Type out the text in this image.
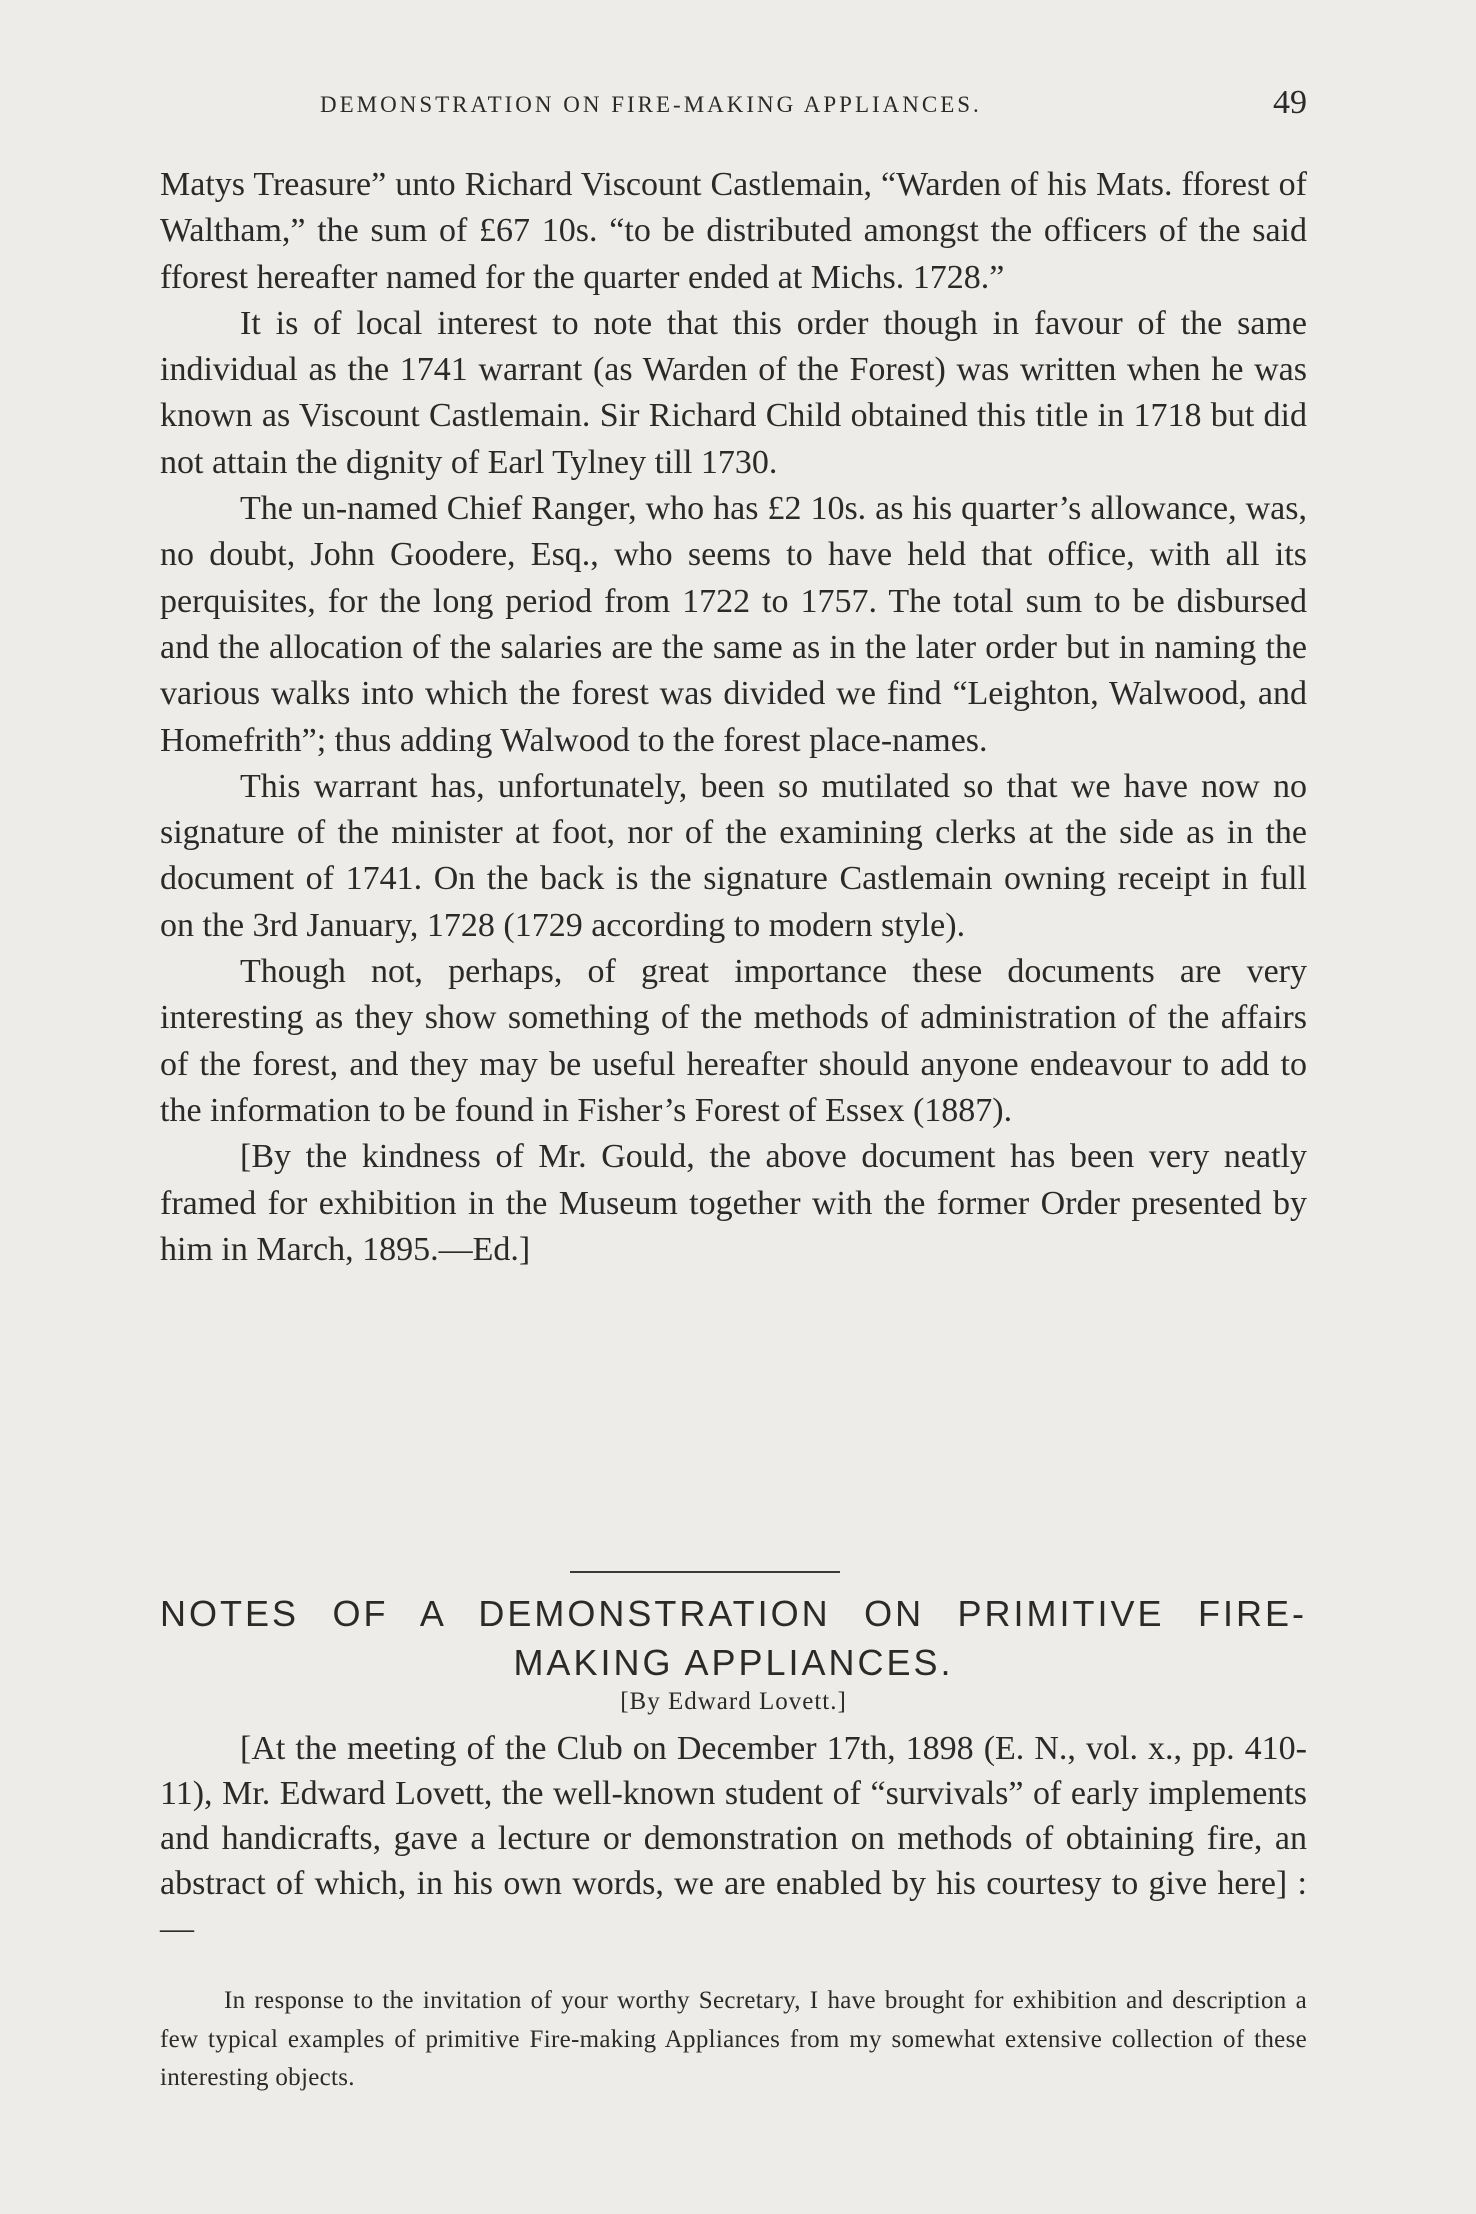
DEMONSTRATION ON FIRE-MAKING APPLIANCES.	49

Matys Treasure” unto Richard Viscount Castlemain, “Warden of his Mats. fforest of Waltham,” the sum of £67 10s. “to be distributed amongst the officers of the said fforest hereafter named for the quarter ended at Michs. 1728.”

It is of local interest to note that this order though in favour of the same individual as the 1741 warrant (as Warden of the Forest) was written when he was known as Viscount Castlemain. Sir Richard Child obtained this title in 1718 but did not attain the dignity of Earl Tylney till 1730.

The un-named Chief Ranger, who has £2 10s. as his quarter’s allowance, was, no doubt, John Goodere, Esq., who seems to have held that office, with all its perquisites, for the long period from 1722 to 1757. The total sum to be disbursed and the allocation of the salaries are the same as in the later order but in naming the various walks into which the forest was divided we find “Leighton, Walwood, and Homefrith”; thus adding Walwood to the forest place-names.

This warrant has, unfortunately, been so mutilated so that we have now no signature of the minister at foot, nor of the examining clerks at the side as in the document of 1741. On the back is the signature Castlemain owning receipt in full on the 3rd January, 1728 (1729 according to modern style).

Though not, perhaps, of great importance these documents are very interesting as they show something of the methods of administration of the affairs of the forest, and they may be useful hereafter should anyone endeavour to add to the information to be found in Fisher’s Forest of Essex (1887).

[By the kindness of Mr. Gould, the above document has been very neatly framed for exhibition in the Museum together with the former Order presented by him in March, 1895.—Ed.]

NOTES OF A DEMONSTRATION ON PRIMITIVE FIRE-MAKING APPLIANCES.
[By Edward Lovett.]

[At the meeting of the Club on December 17th, 1898 (E. N., vol. x., pp. 410-11), Mr. Edward Lovett, the well-known student of “survivals” of early implements and handicrafts, gave a lecture or demonstration on methods of obtaining fire, an abstract of which, in his own words, we are enabled by his courtesy to give here] :—

In response to the invitation of your worthy Secretary, I have brought for exhibition and description a few typical examples of primitive Fire-making Appliances from my somewhat extensive collection of these interesting objects.
